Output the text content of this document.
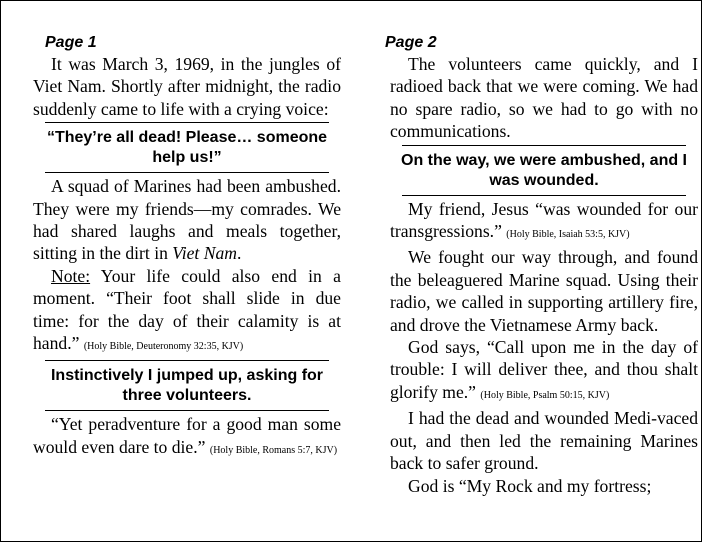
Page 1

It was March 3, 1969, in the jungles of Viet Nam. Shortly after midnight, the radio suddenly came to life with a crying voice:

“They’re all dead! Please… someone help us!”

A squad of Marines had been ambushed. They were my friends—my comrades. We had shared laughs and meals together, sitting in the dirt in Viet Nam.

Note: Your life could also end in a moment. “Their foot shall slide in due time: for the day of their calamity is at hand.” (Holy Bible, Deuteronomy 32:35, KJV)

Instinctively I jumped up, asking for three volunteers.

“Yet peradventure for a good man some would even dare to die.” (Holy Bible, Romans 5:7, KJV)

Page 2

The volunteers came quickly, and I radioed back that we were coming. We had no spare radio, so we had to go with no communications.

On the way, we were ambushed, and I was wounded.

My friend, Jesus “was wounded for our transgressions.” (Holy Bible, Isaiah 53:5, KJV)

We fought our way through, and found the beleaguered Marine squad. Using their radio, we called in supporting artillery fire, and drove the Vietnamese Army back.

God says, “Call upon me in the day of trouble: I will deliver thee, and thou shalt glorify me.” (Holy Bible, Psalm 50:15, KJV)

I had the dead and wounded Medi-vaced out, and then led the remaining Marines back to safer ground.

God is “My Rock and my fortress;
